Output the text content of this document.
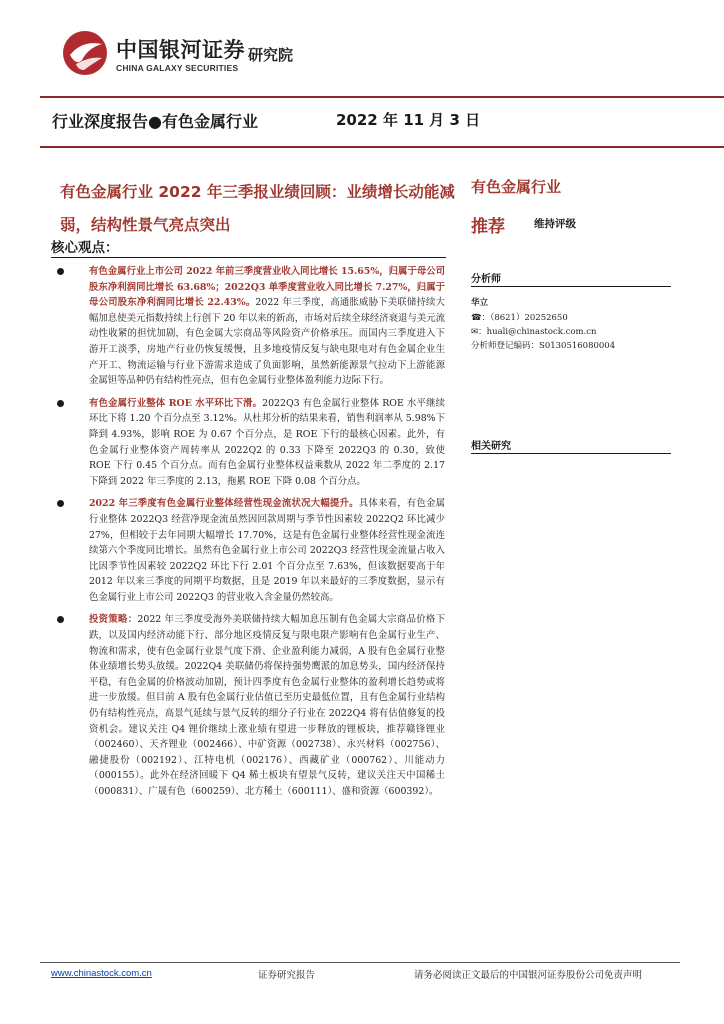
中国银河证券 研究院
CHINA GALAXY SECURITIES
行业深度报告●有色金属行业	2022 年 11 月 3 日
有色金属行业 2022 年三季报业绩回顾：业绩增长动能减弱，结构性景气亮点突出
核心观点：
有色金属行业上市公司 2022 年前三季度营业收入同比增长 15.65%，归属于母公司股东净利润同比增长 63.68%；2022Q3 单季度营业收入同比增长 7.27%，归属于母公司股东净利润同比增长 22.43%。2022 年三季度，高通胀威胁下美联储持续大幅加息使美元指数持续上行创下 20 年以来的新高，市场对后续全球经济衰退与美元流动性收紧的担忧加剧，有色金属大宗商品等风险资产价格承压。而国内三季度进入下游开工淡季，房地产行业仍恢复缓慢，且多地疫情反复与缺电限电对有色金属企业生产开工、物流运输与行业下游需求造成了负面影响，虽然新能源景气拉动下上游能源金属钽等品种仍有结构性亮点，但有色金属行业整体盈利能力边际下行。
有色金属行业整体 ROE 水平环比下滑。2022Q3 有色金属行业整体 ROE 水平继续环比下将 1.20 个百分点至 3.12%。从杜邦分析的结果来看，销售利润率从 5.98%下降到 4.93%，影响 ROE 为 0.67 个百分点，是 ROE 下行的最核心因素。此外，有色金属行业整体资产周转率从 2022Q2 的 0.33 下降至 2022Q3 的 0.30，致使 ROE 下行 0.45 个百分点。而有色金属行业整体权益乘数从 2022 年二季度的 2.17 下降到 2022 年三季度的 2.13，拖累 ROE 下降 0.08 个百分点。
2022 年三季度有色金属行业整体经营性现金流状况大幅提升。具体来看，有色金属行业整体 2022Q3 经营净现金流虽然因回款周期与季节性因素较 2022Q2 环比减少 27%，但相较于去年同期大幅增长 17.70%，这是有色金属行业整体经营性现金流连续第六个季度同比增长。虽然有色金属行业上市公司 2022Q3 经营性现金流量占收入比因季节性因素较 2022Q2 环比下行 2.01 个百分点至 7.63%，但该数据要高于年 2012 年以来三季度的同期平均数据，且是 2019 年以来最好的三季度数据，显示有色金属行业上市公司 2022Q3 的营业收入含金量仍然较高。
投资策略：2022 年三季度受海外美联储持续大幅加息压制有色金属大宗商品价格下跌，以及国内经济动能下行、部分地区疫情反复与限电限产影响有色金属行业生产、物流和需求，使有色金属行业景气度下滑、企业盈利能力减弱，A 股有色金属行业整体业绩增长势头放缓。2022Q4 美联储仍将保持强势鹰派的加息势头，国内经济保持平稳，有色金属的价格波动加剧，预计四季度有色金属行业整体的盈利增长趋势或将进一步放缓。但目前 A 股有色金属行业估值已至历史最低位置，且有色金属行业结构仍有结构性亮点，高景气延续与景气反转的细分子行业在 2022Q4 将有估值修复的投资机会。建议关注 Q4 锂价继续上涨业绩有望进一步释放的锂板块，推荐赣锋锂业（002460）、天齐锂业（002466）、中矿资源（002738）、永兴材料（002756）、融捷股份（002192）、江特电机（002176）、西藏矿业（000762）、川能动力（000155）。此外在经济回暖下 Q4 稀土板块有望景气反转，建议关注天中国稀土（000831）、广晟有色（600259）、北方稀土（600111）、盛和资源（600392）。
有色金属行业
推荐	维持评级
分析师
华立
☎：（8621）20252650
✉：huali@chinastock.com.cn
分析师登记编码：S0130516080004
相关研究
www.chinastock.com.cn	证券研究报告	请务必阅读正文最后的中国银河证券股份公司免责声明
